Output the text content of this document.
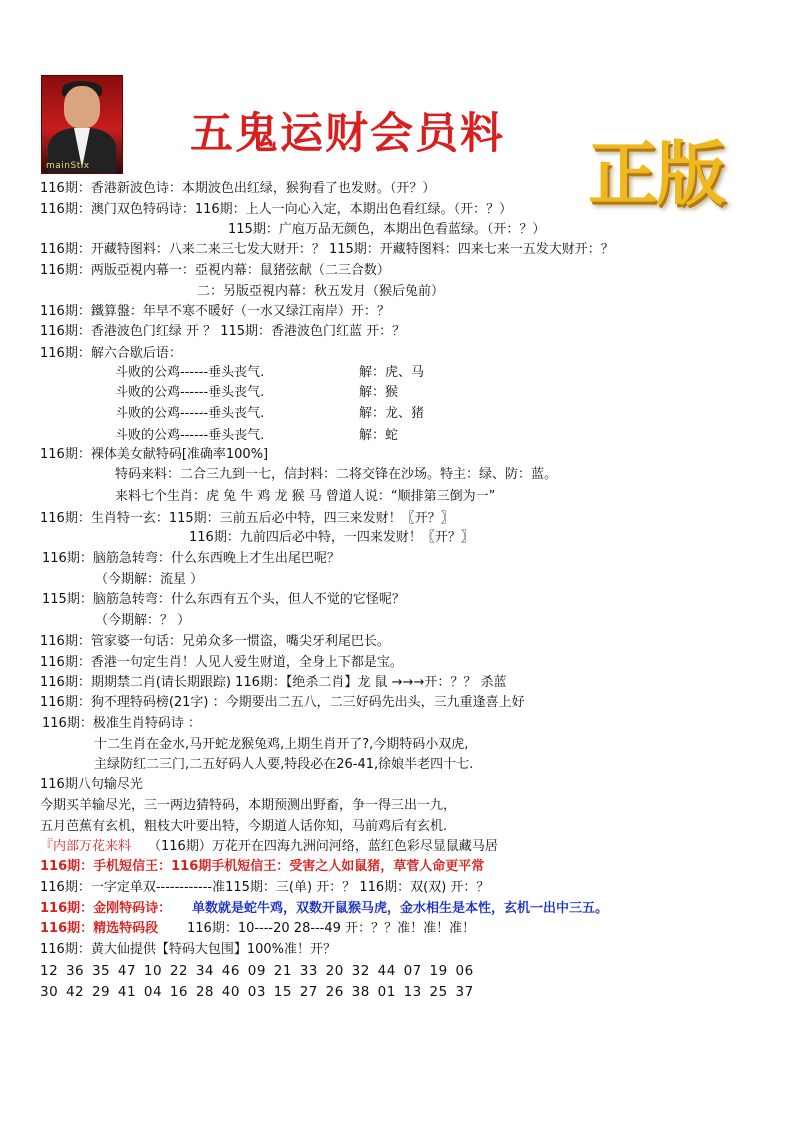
mainStix
五鬼运财会员料 正版
116期：香港新波色诗：本期波色出红绿，猴狗看了也发财。（开？）
116期：澳门双色特码诗：116期：上人一向心入定，本期出色看红绿。（开：？）
115期：广庖万品无颜色，本期出色看蓝绿。（开：？）
116期：开藏特图料：八来二来三七发大财开：？ 115期：开藏特图料：四来七来一五发大财开：？
116期：两版亞視内幕一：亞視内幕：鼠猪弦献（二三合数）
二：另版亞視内幕：秋五发月（猴后兔前）
116期：鐵算盤：年早不寒不暖好（一水又绿江南岸）开：？
116期：香港波色门红绿 开 ？ 115期：香港波色门红蓝 开：？
116期：解六合歇后语：
斗败的公鸡------垂头丧气.	解：虎、马
斗败的公鸡------垂头丧气.	解：猴
斗败的公鸡------垂头丧气.	解：龙、猪
斗败的公鸡------垂头丧气.	解：蛇
116期：裸体美女献特码[准确率100%]
特码来料：二合三九到一七，信封料：二将交锋在沙场。特主：绿、防：蓝。
来料七个生肖：虎 兔 牛 鸡 龙 猴 马 曾道人说：“顺排第三倒为一”
116期：生肖特一玄：115期：三前五后必中特，四三来发财！〖开？〗
116期：九前四后必中特，一四来发财！〖开？〗
116期：脑筋急转弯：什么东西晚上才生出尾巴呢？
（今期解：流星 ）
115期：脑筋急转弯：什么东西有五个头，但人不觉的它怪呢？
（今期解：？ ）
116期：管家婆一句话：兄弟众多一惯盗，嘴尖牙利尾巴长。
116期：香港一句定生肖！人见人爱生财道，全身上下都是宝。
116期：期期禁二肖(请长期跟踪) 116期：【绝杀二肖】龙 鼠 →→→开：？？ 杀蓝
116期：狗不理特码榜(21字) ：今期要出二五八，二三好码先出头，三九重逢喜上好
116期：极准生肖特码诗 ：
十二生肖在金水,马开蛇龙猴兔鸡,上期生肖开了?,今期特码小双虎,
主绿防红二三门,二五好码人人要,特段必在26-41,徐娘半老四十七.
116期八句输尽光
今期买羊输尽光，三一两边猜特码，本期预测出野畜，争一得三出一九，
五月芭蕉有玄机，粗枝大叶要出特，今期道人话你知，马前鸡后有玄机.
『内部万花来料 （116期）万花开在四海九洲问河络，蓝红色彩尽显鼠藏马居
116期：手机短信王：116期手机短信王：受害之人如鼠猪，草菅人命更平常
116期：一字定单双------------准115期：三(单) 开：？ 116期：双(双) 开：？
116期：金刚特码诗： 单数就是蛇牛鸡，双数开鼠猴马虎，金水相生是本性，玄机一出中三五。
116期：精选特码段 116期：10----20 28---49 开：？？准！准！准！
116期：黄大仙提供【特码大包围】100%准！开？
12 36 35 47 10 22 34 46 09 21 33 20 32 44 07 19 06
30 42 29 41 04 16 28 40 03 15 27 26 38 01 13 25 37
